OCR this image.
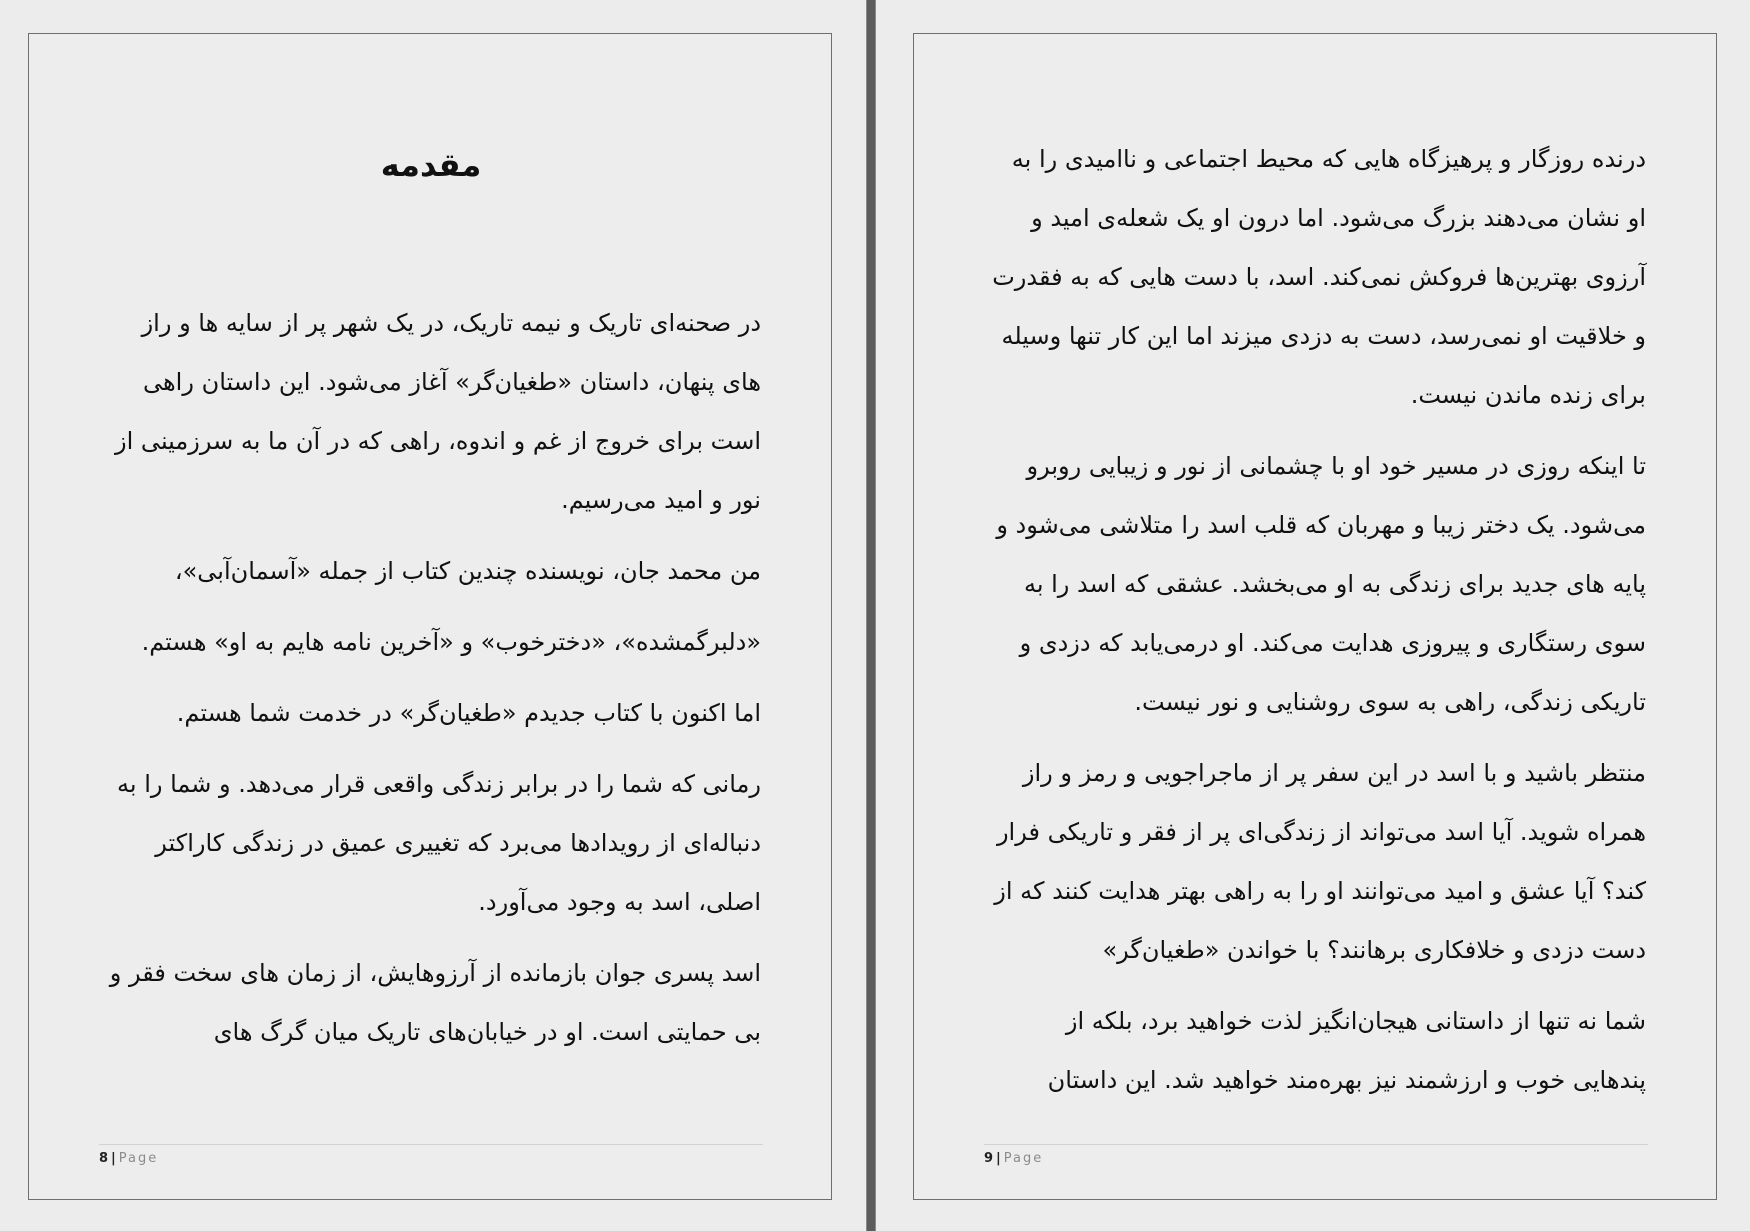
مقدمه

در صحنه‌ای تاریک و نیمه تاریک، در یک شهر پر از سایه ها و راز های پنهان، داستان «طغیان‌گر» آغاز می‌شود. این داستان راهی است برای خروج از غم و اندوه، راهی که در آن ما به سرزمینی از نور و امید می‌رسیم.

من محمد جان، نویسنده چندین کتاب از جمله «آسمان‌آبی»،

«دلبرگمشده»، «دخترخوب» و «آخرین نامه هایم به او» هستم.

اما اکنون با کتاب جدیدم «طغیان‌گر» در خدمت شما هستم.

رمانی که شما را در برابر زندگی واقعی قرار می‌دهد. و شما را به دنباله‌ای از رویدادها می‌برد که تغییری عمیق در زندگی کاراکتر اصلی، اسد به وجود می‌آورد.

اسد پسری جوان بازمانده از آرزوهایش، از زمان های سخت فقر و بی حمایتی است. او در خیابان‌های تاریک میان گرگ های

8 | Page

درنده روزگار و پرهیزگاه هایی که محیط اجتماعی و ناامیدی را به او نشان می‌دهند بزرگ می‌شود. اما درون او یک شعله‌ی امید و آرزوی بهترین‌ها فروکش نمی‌کند. اسد، با دست هایی که به فقدرت و خلاقیت او نمی‌رسد، دست به دزدی میزند اما این کار تنها وسیله برای زنده ماندن نیست.

تا اینکه روزی در مسیر خود او با چشمانی از نور و زیبایی روبرو می‌شود. یک دختر زیبا و مهربان که قلب اسد را متلاشی می‌شود و پایه های جدید برای زندگی به او می‌بخشد. عشقی که اسد را به سوی رستگاری و پیروزی هدایت می‌کند. او درمی‌یابد که دزدی و تاریکی زندگی، راهی به سوی روشنایی و نور نیست.

منتظر باشید و با اسد در این سفر پر از ماجراجویی و رمز و راز همراه شوید. آیا اسد می‌تواند از زندگی‌ای پر از فقر و تاریکی فرار کند؟ آیا عشق و امید می‌توانند او را به راهی بهتر هدایت کنند که از دست دزدی و خلافکاری برهانند؟ با خواندن «طغیان‌گر»

شما نه تنها از داستانی هیجان‌انگیز لذت خواهید برد، بلکه از پندهایی خوب و ارزشمند نیز بهره‌مند خواهید شد. این داستان

9 | Page
